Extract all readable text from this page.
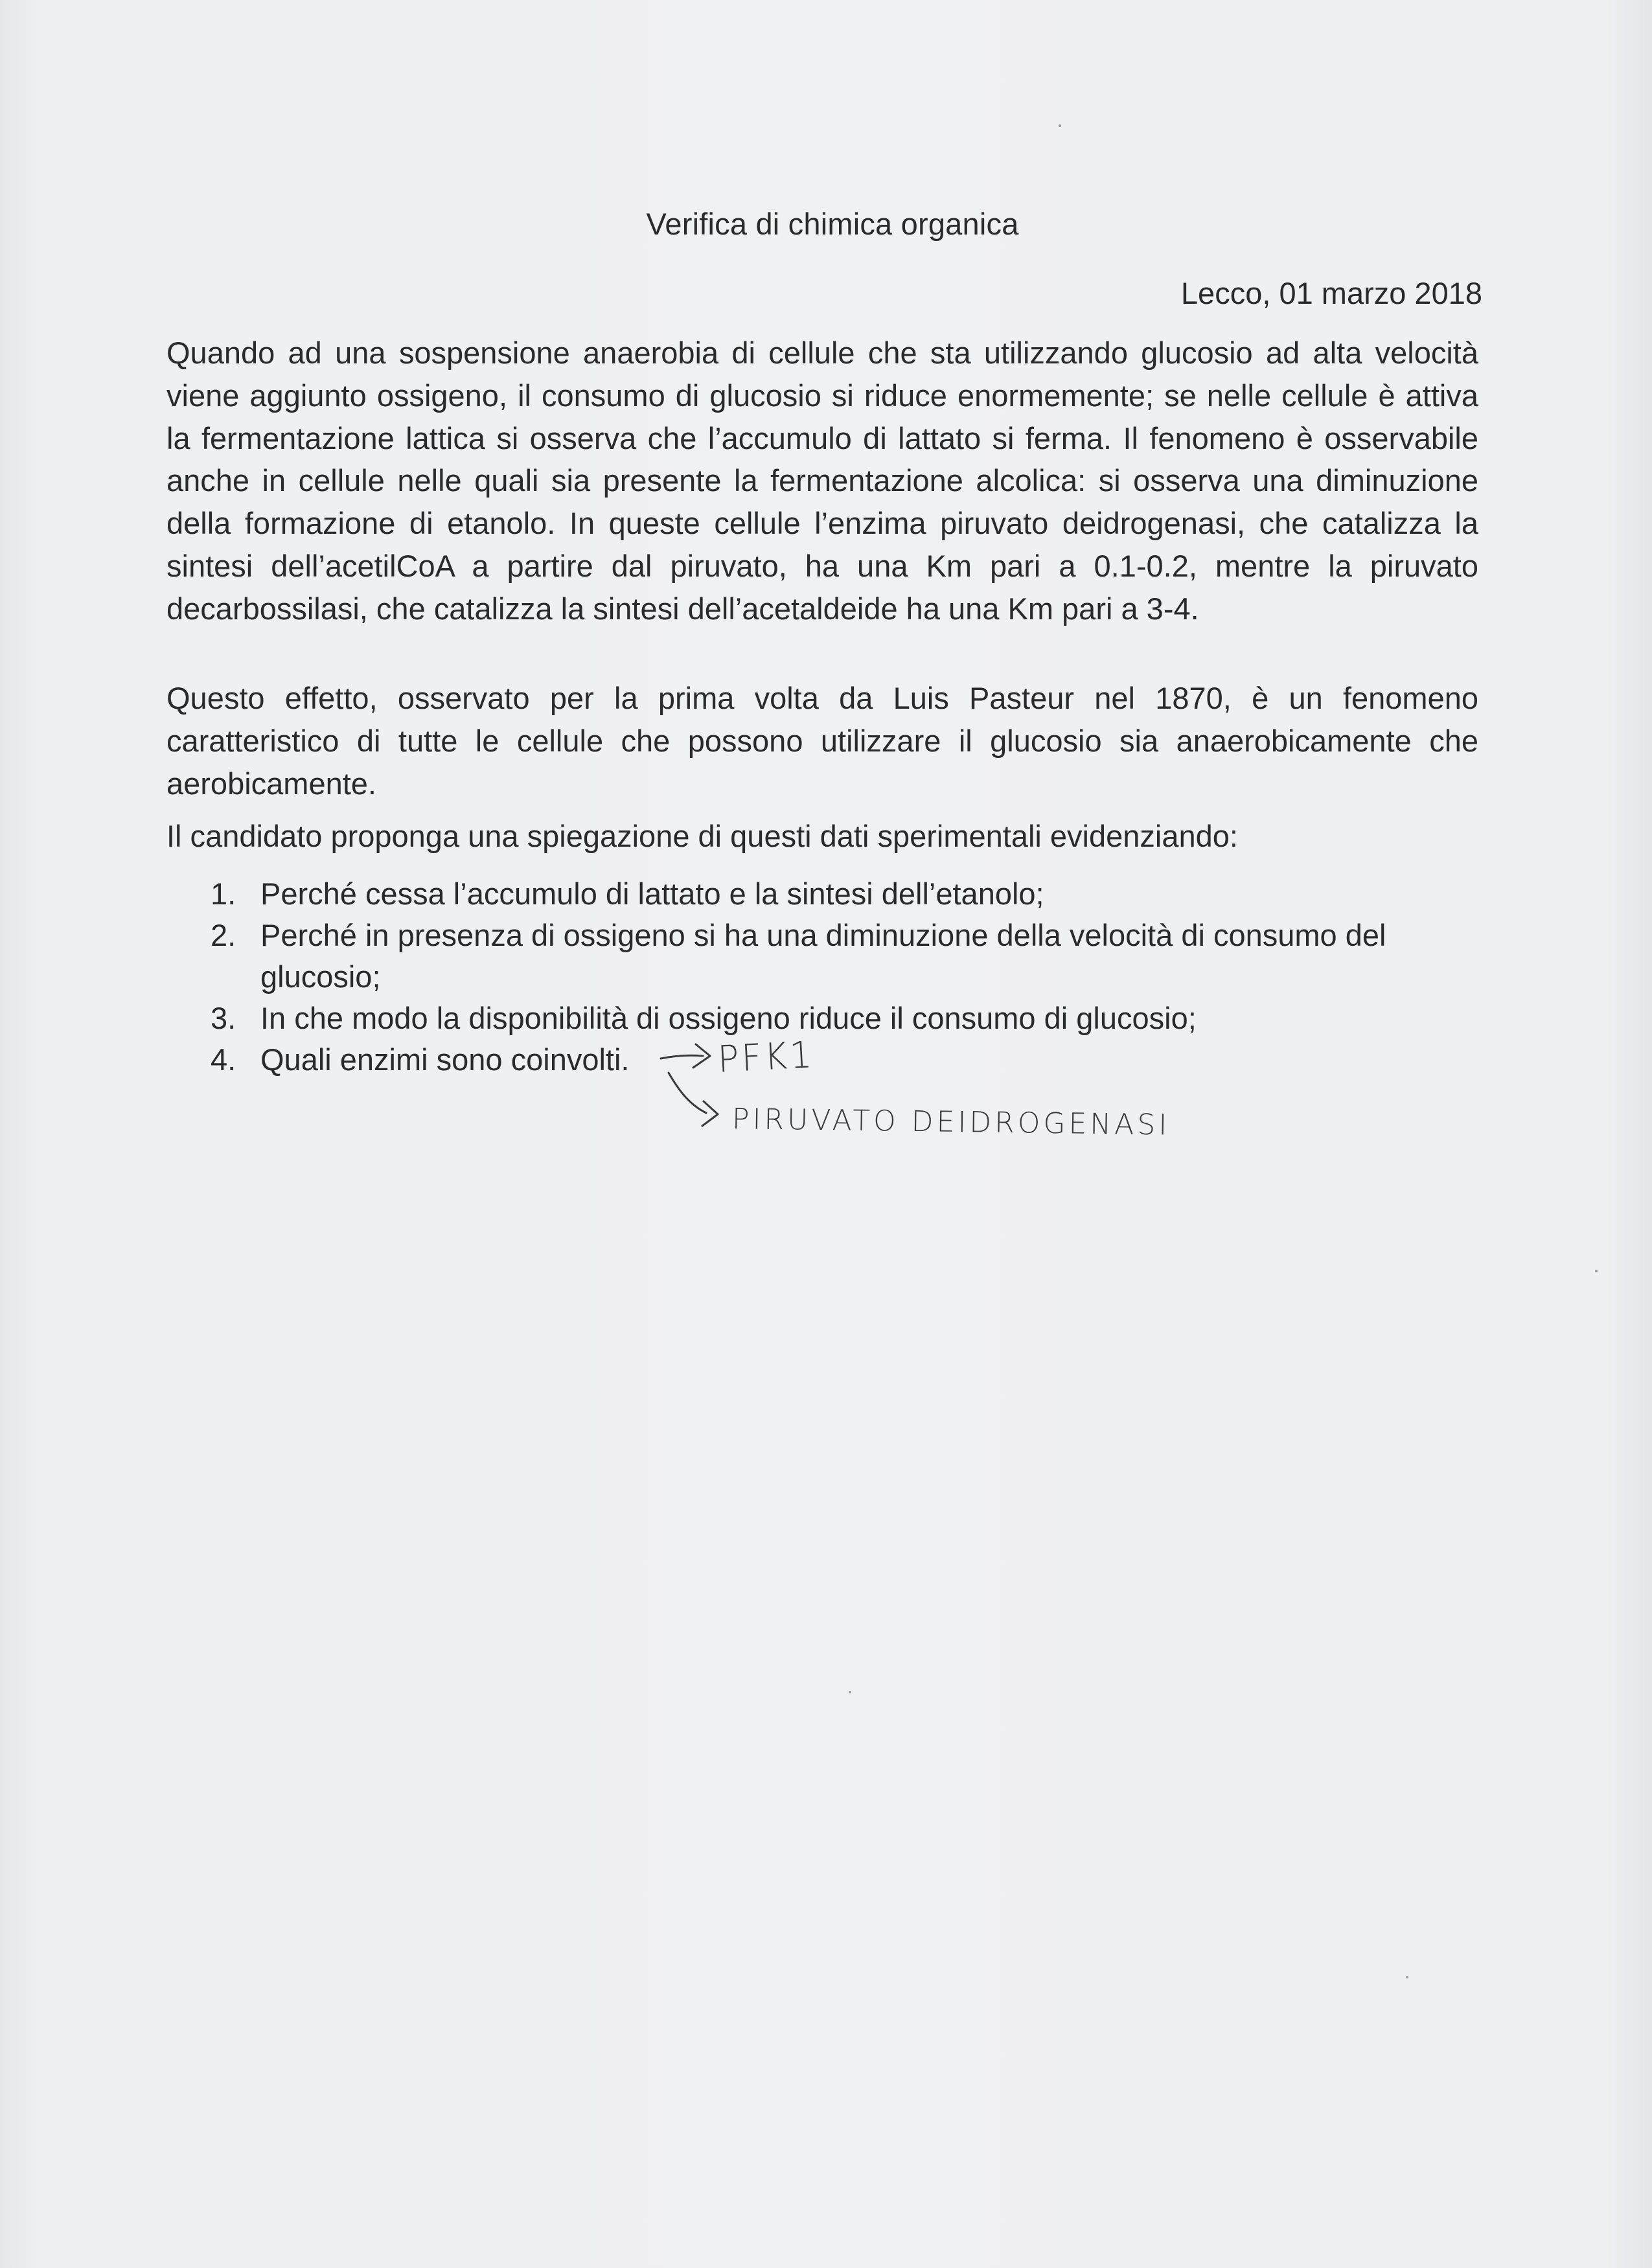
Verifica di chimica organica
Lecco, 01 marzo 2018
Quando ad una sospensione anaerobia di cellule che sta utilizzando glucosio ad alta velocità viene aggiunto ossigeno, il consumo di glucosio si riduce enormemente; se nelle cellule è attiva la fermentazione lattica si osserva che l’accumulo di lattato si ferma. Il fenomeno è osservabile anche in cellule nelle quali sia presente la fermentazione alcolica: si osserva una diminuzione della formazione di etanolo. In queste cellule l’enzima piruvato deidrogenasi, che catalizza la sintesi dell’acetilCoA a partire dal piruvato, ha una Km pari a 0.1-0.2, mentre la piruvato decarbossilasi, che catalizza la sintesi dell’acetaldeide ha una Km pari a 3-4.
Questo effetto, osservato per la prima volta da Luis Pasteur nel 1870, è un fenomeno caratteristico di tutte le cellule che possono utilizzare il glucosio sia anaerobicamente che aerobicamente.
Il candidato proponga una spiegazione di questi dati sperimentali evidenziando:
1. Perché cessa l’accumulo di lattato e la sintesi dell’etanolo;
2. Perché in presenza di ossigeno si ha una diminuzione della velocità di consumo del glucosio;
3. In che modo la disponibilità di ossigeno riduce il consumo di glucosio;
4. Quali enzimi sono coinvolti.	PFK1
PIRUVATO DEIDROGENASI
